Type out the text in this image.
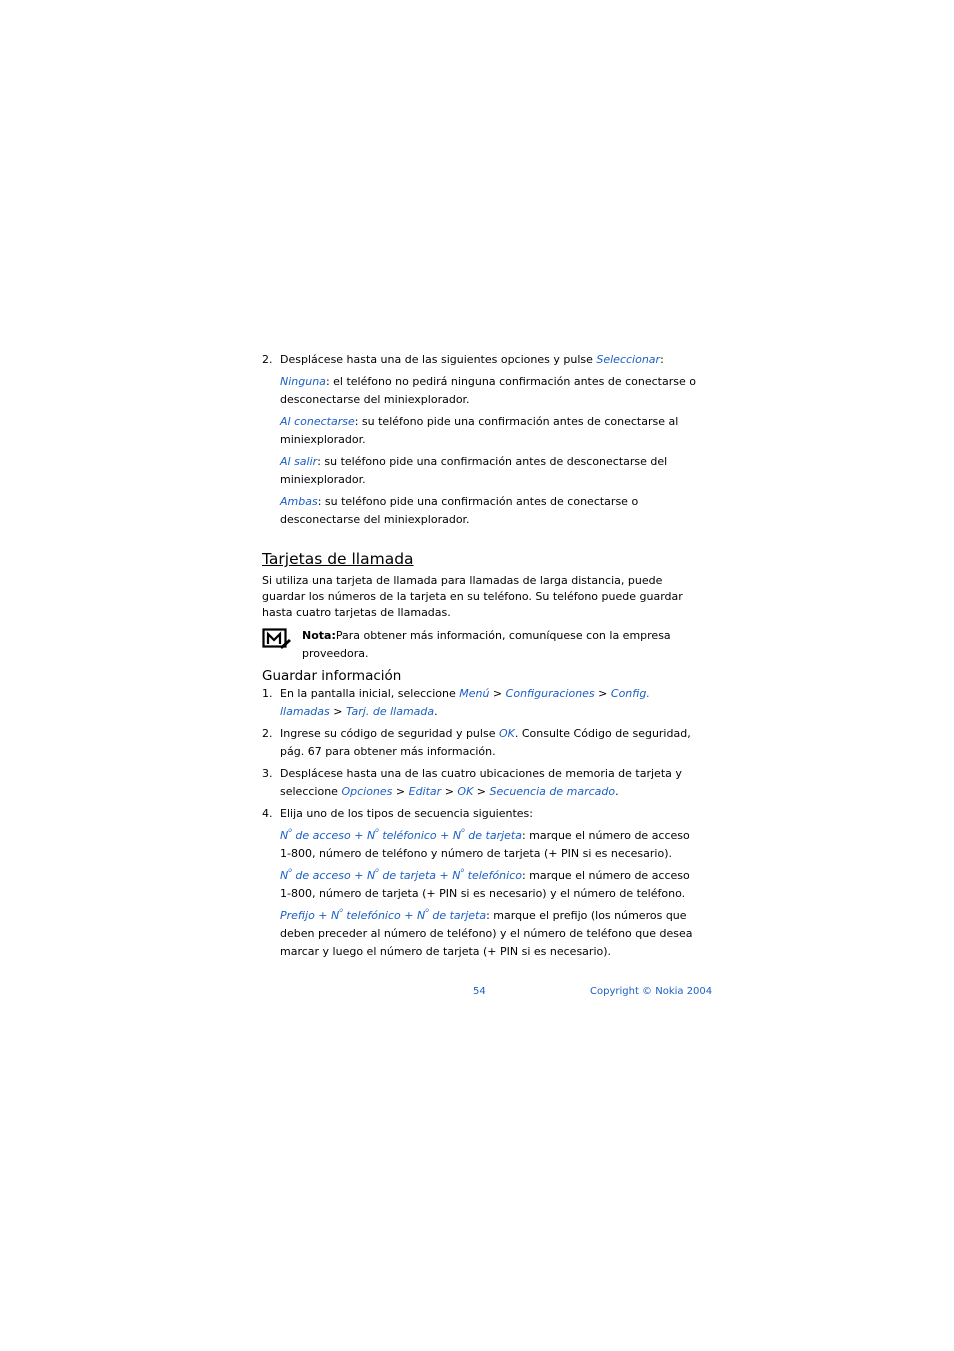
2. Desplácese hasta una de las siguientes opciones y pulse Seleccionar:

Ninguna: el teléfono no pedirá ninguna confirmación antes de conectarse o desconectarse del miniexplorador.

Al conectarse: su teléfono pide una confirmación antes de conectarse al miniexplorador.

Al salir: su teléfono pide una confirmación antes de desconectarse del miniexplorador.

Ambas: su teléfono pide una confirmación antes de conectarse o desconectarse del miniexplorador.

Tarjetas de llamada

Si utiliza una tarjeta de llamada para llamadas de larga distancia, puede guardar los números de la tarjeta en su teléfono. Su teléfono puede guardar hasta cuatro tarjetas de llamadas.

Nota:Para obtener más información, comuníquese con la empresa proveedora.

Guardar información
1. En la pantalla inicial, seleccione Menú > Configuraciones > Config. llamadas > Tarj. de llamada.

2. Ingrese su código de seguridad y pulse OK. Consulte Código de seguridad, pág. 67 para obtener más información.

3. Desplácese hasta una de las cuatro ubicaciones de memoria de tarjeta y seleccione Opciones > Editar > OK > Secuencia de marcado.

4. Elija uno de los tipos de secuencia siguientes:

$N^o$ de acceso + $N^o$ teléfonico + $N^o$ de tarjeta: marque el número de acceso 1-800, número de teléfono y número de tarjeta (+ PIN si es necesario).

$N^o$ de acceso + $N^o$ de tarjeta + $N^o$ telefónico: marque el número de acceso 1-800, número de tarjeta (+ PIN si es necesario) y el número de teléfono.

Prefijo + $N^o$ telefónico + $N^o$ de tarjeta: marque el prefijo (los números que deben preceder al número de teléfono) y el número de teléfono que desea marcar y luego el número de tarjeta (+ PIN si es necesario).

54	Copyright © Nokia 2004
